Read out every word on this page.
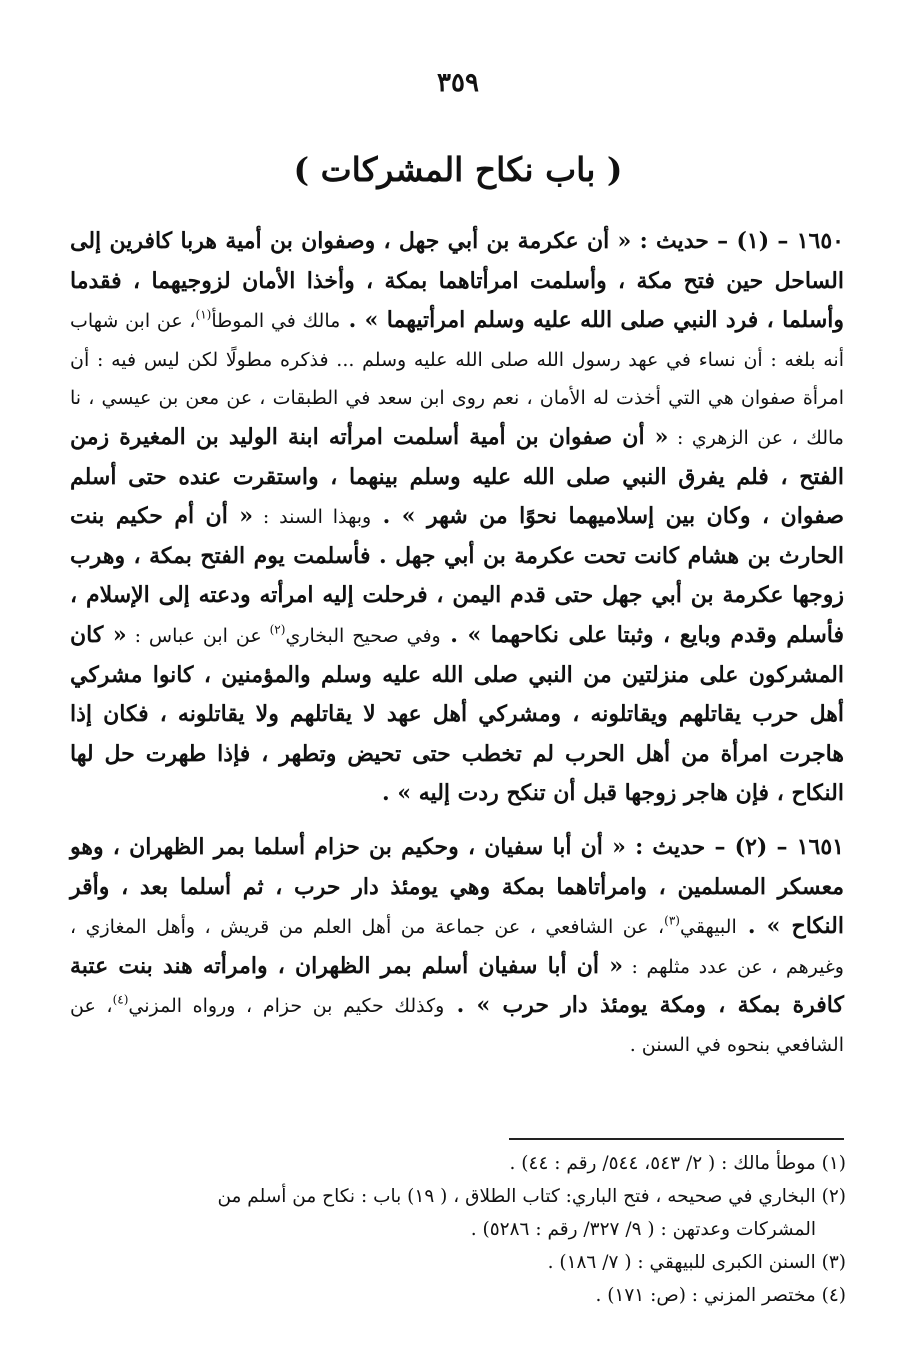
٣٥٩
( باب نكاح المشركات )

١٦٥٠ – (١) – حديث : « أن عكرمة بن أبي جهل ، وصفوان بن أمية هربا كافرين إلى الساحل حين فتح مكة ، وأسلمت امرأتاهما بمكة ، وأخذا الأمان لزوجيهما ، فقدما وأسلما ، فرد النبي صلى الله عليه وسلم امرأتيهما » . مالك في الموطأ$^{(١)}$، عن ابن شهاب أنه بلغه : أن نساء في عهد رسول الله صلى الله عليه وسلم ... فذكره مطولًا لكن ليس فيه : أن امرأة صفوان هي التي أخذت له الأمان ، نعم روى ابن سعد في الطبقات ، عن معن بن عيسي ، نا مالك ، عن الزهري : « أن صفوان بن أمية أسلمت امرأته ابنة الوليد بن المغيرة زمن الفتح ، فلم يفرق النبي صلى الله عليه وسلم بينهما ، واستقرت عنده حتى أسلم صفوان ، وكان بين إسلاميهما نحوًا من شهر » . وبهذا السند : « أن أم حكيم بنت الحارث بن هشام كانت تحت عكرمة بن أبي جهل . فأسلمت يوم الفتح بمكة ، وهرب زوجها عكرمة بن أبي جهل حتى قدم اليمن ، فرحلت إليه امرأته ودعته إلى الإسلام ، فأسلم وقدم وبايع ، وثبتا على نكاحهما » . وفي صحيح البخاري$^{(٢)}$ عن ابن عباس : « كان المشركون على منزلتين من النبي صلى الله عليه وسلم والمؤمنين ، كانوا مشركي أهل حرب يقاتلهم ويقاتلونه ، ومشركي أهل عهد لا يقاتلهم ولا يقاتلونه ، فكان إذا هاجرت امرأة من أهل الحرب لم تخطب حتى تحيض وتطهر ، فإذا طهرت حل لها النكاح ، فإن هاجر زوجها قبل أن تنكح ردت إليه » .

١٦٥١ – (٢) – حديث : « أن أبا سفيان ، وحكيم بن حزام أسلما بمر الظهران ، وهو معسكر المسلمين ، وامرأتاهما بمكة وهي يومئذ دار حرب ، ثم أسلما بعد ، وأقر النكاح » . البيهقي$^{(٣)}$، عن الشافعي ، عن جماعة من أهل العلم من قريش ، وأهل المغازي ، وغيرهم ، عن عدد مثلهم : « أن أبا سفيان أسلم بمر الظهران ، وامرأته هند بنت عتبة كافرة بمكة ، ومكة يومئذ دار حرب » . وكذلك حكيم بن حزام ، ورواه المزني$^{(٤)}$، عن الشافعي بنحوه في السنن .

(١) موطأ مالك : ( ٢/ ٥٤٣، ٥٤٤/ رقم : ٤٤) .

(٢) البخاري في صحيحه ، فتح الباري: كتاب الطلاق ، ( ١٩) باب : نكاح من أسلم من

المشركات وعدتهن : ( ٩/ ٣٢٧/ رقم : ٥٢٨٦) .

(٣) السنن الكبرى للبيهقي : ( ٧/ ١٨٦) .

(٤) مختصر المزني : (ص: ١٧١) .
